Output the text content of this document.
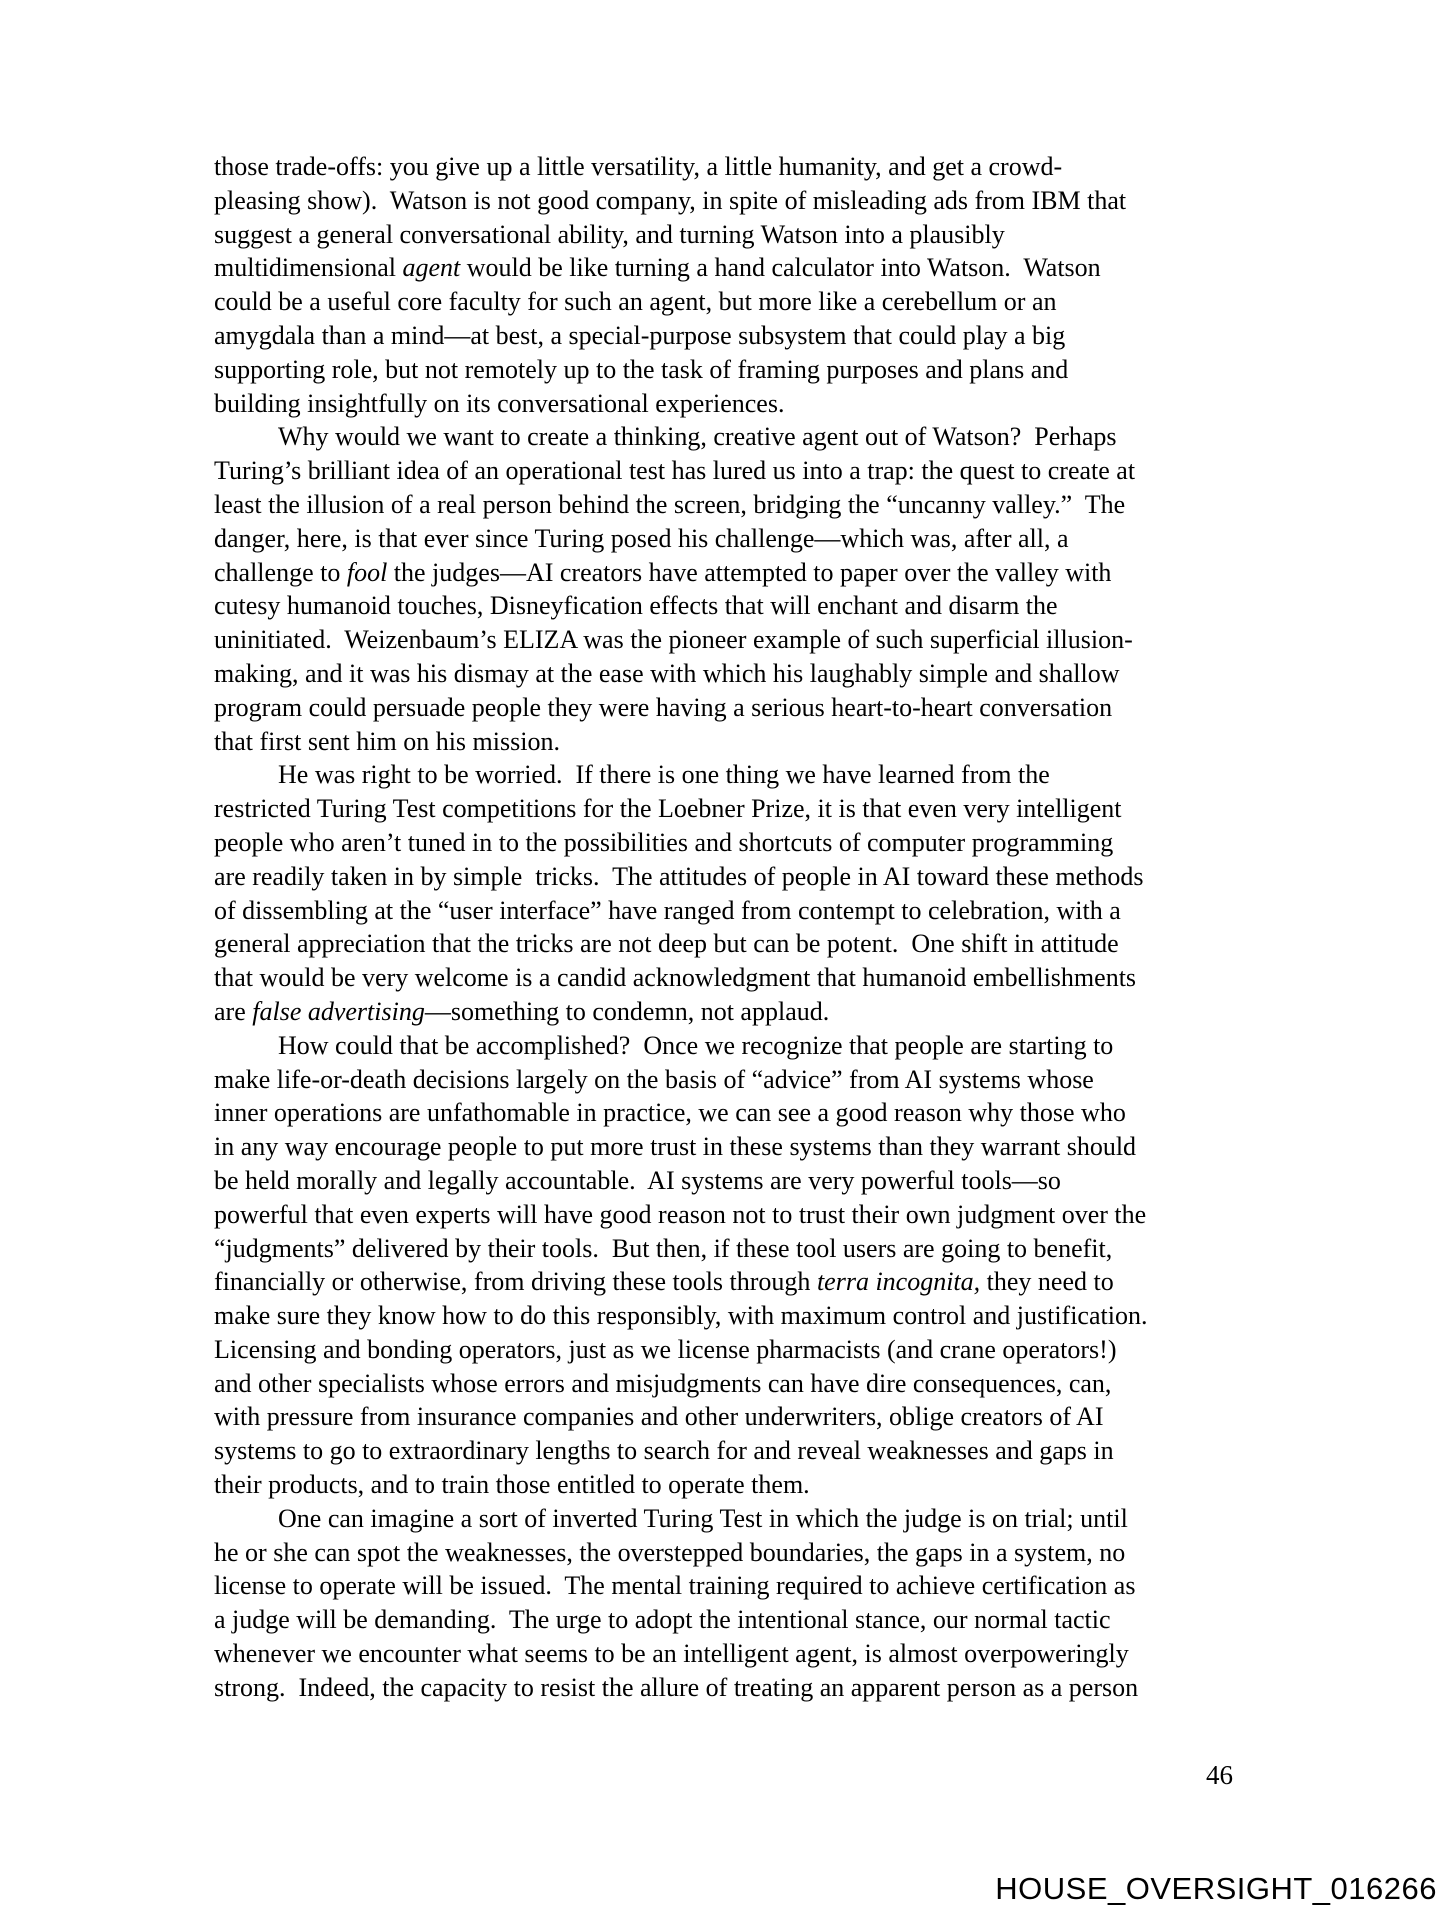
those trade-offs: you give up a little versatility, a little humanity, and get a crowd-
pleasing show).  Watson is not good company, in spite of misleading ads from IBM that
suggest a general conversational ability, and turning Watson into a plausibly
multidimensional agent would be like turning a hand calculator into Watson.  Watson
could be a useful core faculty for such an agent, but more like a cerebellum or an
amygdala than a mind—at best, a special-purpose subsystem that could play a big
supporting role, but not remotely up to the task of framing purposes and plans and
building insightfully on its conversational experiences.
Why would we want to create a thinking, creative agent out of Watson?  Perhaps
Turing’s brilliant idea of an operational test has lured us into a trap: the quest to create at
least the illusion of a real person behind the screen, bridging the “uncanny valley.”  The
danger, here, is that ever since Turing posed his challenge—which was, after all, a
challenge to fool the judges—AI creators have attempted to paper over the valley with
cutesy humanoid touches, Disneyfication effects that will enchant and disarm the
uninitiated.  Weizenbaum’s ELIZA was the pioneer example of such superficial illusion-
making, and it was his dismay at the ease with which his laughably simple and shallow
program could persuade people they were having a serious heart-to-heart conversation
that first sent him on his mission.
He was right to be worried.  If there is one thing we have learned from the
restricted Turing Test competitions for the Loebner Prize, it is that even very intelligent
people who aren’t tuned in to the possibilities and shortcuts of computer programming
are readily taken in by simple  tricks.  The attitudes of people in AI toward these methods
of dissembling at the “user interface” have ranged from contempt to celebration, with a
general appreciation that the tricks are not deep but can be potent.  One shift in attitude
that would be very welcome is a candid acknowledgment that humanoid embellishments
are false advertising—something to condemn, not applaud.
How could that be accomplished?  Once we recognize that people are starting to
make life-or-death decisions largely on the basis of “advice” from AI systems whose
inner operations are unfathomable in practice, we can see a good reason why those who
in any way encourage people to put more trust in these systems than they warrant should
be held morally and legally accountable.  AI systems are very powerful tools—so
powerful that even experts will have good reason not to trust their own judgment over the
“judgments” delivered by their tools.  But then, if these tool users are going to benefit,
financially or otherwise, from driving these tools through terra incognita, they need to
make sure they know how to do this responsibly, with maximum control and justification.
Licensing and bonding operators, just as we license pharmacists (and crane operators!)
and other specialists whose errors and misjudgments can have dire consequences, can,
with pressure from insurance companies and other underwriters, oblige creators of AI
systems to go to extraordinary lengths to search for and reveal weaknesses and gaps in
their products, and to train those entitled to operate them.
One can imagine a sort of inverted Turing Test in which the judge is on trial; until
he or she can spot the weaknesses, the overstepped boundaries, the gaps in a system, no
license to operate will be issued.  The mental training required to achieve certification as
a judge will be demanding.  The urge to adopt the intentional stance, our normal tactic
whenever we encounter what seems to be an intelligent agent, is almost overpoweringly
strong.  Indeed, the capacity to resist the allure of treating an apparent person as a person
46
HOUSE_OVERSIGHT_016266
